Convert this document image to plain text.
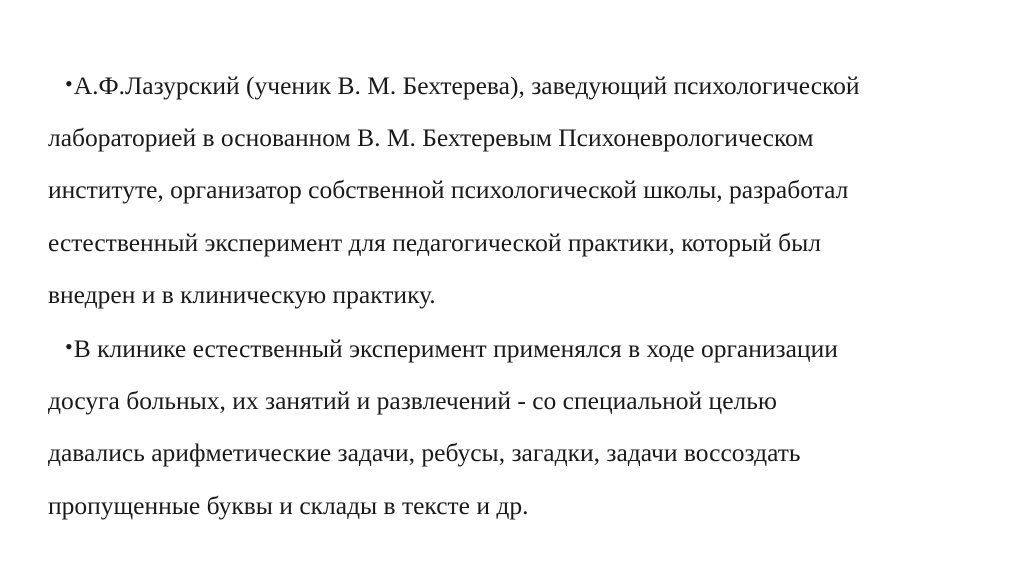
•А.Ф.Лазурский (ученик В. М. Бехтерева), заведующий психологической
лабораторией в основанном В. М. Бехтеревым Психоневрологическом
институте, организатор собственной психологической школы, разработал
естественный эксперимент для педагогической практики, который был
внедрен и в клиническую практику.

•В клинике естественный эксперимент применялся в ходе организации
досуга больных, их занятий и развлечений - со специальной целью
давались арифметические задачи, ребусы, загадки, задачи воссоздать
пропущенные буквы и склады в тексте и др.
